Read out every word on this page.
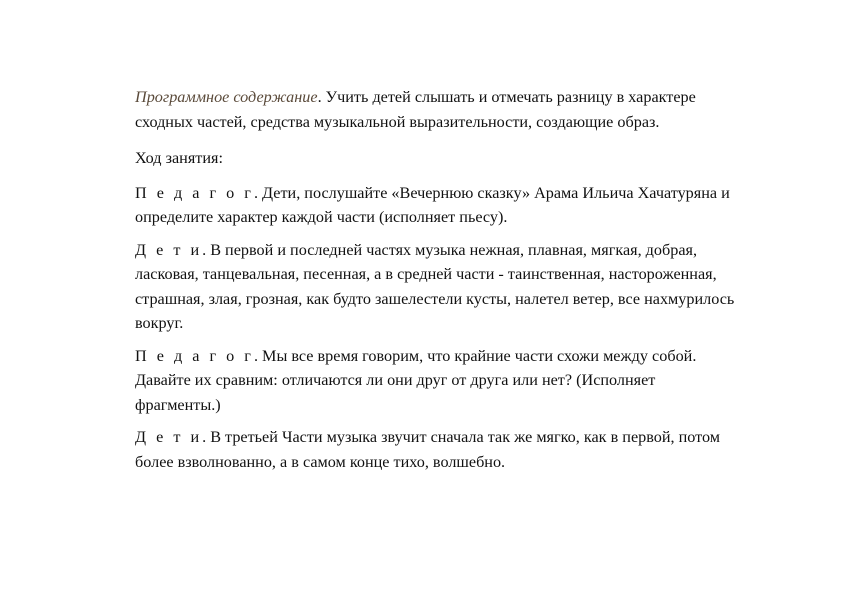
Программное содержание. Учить детей слышать и отмечать разницу в характере сходных частей, средства музыкальной выразительности, создающие образ.

Ход занятия:

П е д а г о г. Дети, послушайте «Вечернюю сказку» Арама Ильича Хачатуряна и определите характер каждой части (исполняет пьесу).

Д е т и. В первой и последней частях музыка нежная, плавная, мягкая, добрая, ласковая, танцевальная, песенная, а в средней части - таинственная, настороженная, страшная, злая, грозная, как будто зашелестели кусты, налетел ветер, все нахмурилось вокруг.

П е д а г о г. Мы все время говорим, что крайние части схожи между собой. Давайте их сравним: отличаются ли они друг от друга или нет? (Исполняет фрагменты.)

Д е т и. В третьей Части музыка звучит сначала так же мягко, как в первой, потом более взволнованно, а в самом конце тихо, волшебно.
